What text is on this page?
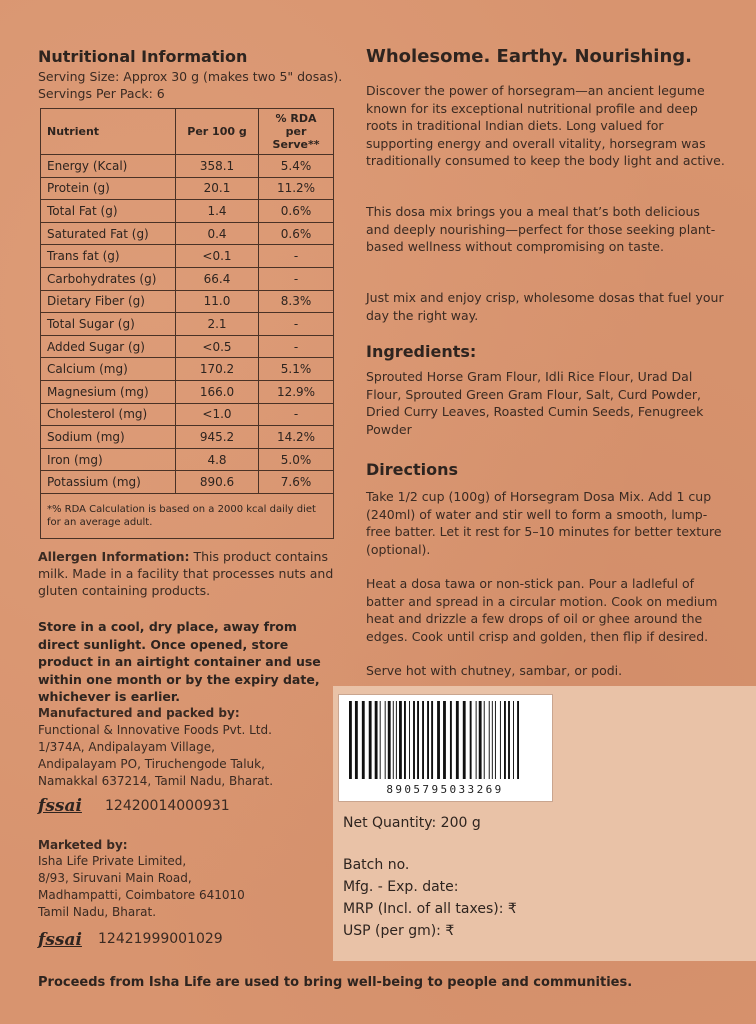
Nutritional Information
Serving Size: Approx 30 g (makes two 5" dosas).
Servings Per Pack: 6
Nutrient	Per 100 g	% RDA per Serve**
Energy (Kcal)	358.1	5.4%
Protein (g)	20.1	11.2%
Total Fat (g)	1.4	0.6%
Saturated Fat (g)	0.4	0.6%
Trans fat (g)	<0.1	-
Carbohydrates (g)	66.4	-
Dietary Fiber (g)	11.0	8.3%
Total Sugar (g)	2.1	-
Added Sugar (g)	<0.5	-
Calcium (mg)	170.2	5.1%
Magnesium (mg)	166.0	12.9%
Cholesterol (mg)	<1.0	-
Sodium (mg)	945.2	14.2%
Iron (mg)	4.8	5.0%
Potassium (mg)	890.6	7.6%
*% RDA Calculation is based on a 2000 kcal daily diet for an average adult.		
Allergen Information: This product contains milk. Made in a facility that processes nuts and gluten containing products.
Store in a cool, dry place, away from direct sunlight. Once opened, store product in an airtight container and use within one month or by the expiry date, whichever is earlier.
Manufactured and packed by:
Functional & Innovative Foods Pvt. Ltd.
1/374A, Andipalayam Village,
Andipalayam PO, Tiruchengode Taluk,
Namakkal 637214, Tamil Nadu, Bharat.
fssai 12420014000931
Marketed by:
Isha Life Private Limited,
8/93, Siruvani Main Road,
Madhampatti, Coimbatore 641010
Tamil Nadu, Bharat.
fssai 12421999001029
Wholesome. Earthy. Nourishing.
Discover the power of horsegram—an ancient legume known for its exceptional nutritional profile and deep roots in traditional Indian diets. Long valued for supporting energy and overall vitality, horsegram was traditionally consumed to keep the body light and active.
This dosa mix brings you a meal that’s both delicious and deeply nourishing—perfect for those seeking plant-based wellness without compromising on taste.
Just mix and enjoy crisp, wholesome dosas that fuel your day the right way.
Ingredients:
Sprouted Horse Gram Flour, Idli Rice Flour, Urad Dal Flour, Sprouted Green Gram Flour, Salt, Curd Powder, Dried Curry Leaves, Roasted Cumin Seeds, Fenugreek Powder
Directions
Take 1/2 cup (100g) of Horsegram Dosa Mix. Add 1 cup (240ml) of water and stir well to form a smooth, lump-free batter. Let it rest for 5–10 minutes for better texture (optional).
Heat a dosa tawa or non-stick pan. Pour a ladleful of batter and spread in a circular motion. Cook on medium heat and drizzle a few drops of oil or ghee around the edges. Cook until crisp and golden, then flip if desired.
Serve hot with chutney, sambar, or podi.
8905795033269
Net Quantity: 200 g
Batch no.
Mfg. - Exp. date:
MRP (Incl. of all taxes): ₹
USP (per gm): ₹
Proceeds from Isha Life are used to bring well-being to people and communities.
